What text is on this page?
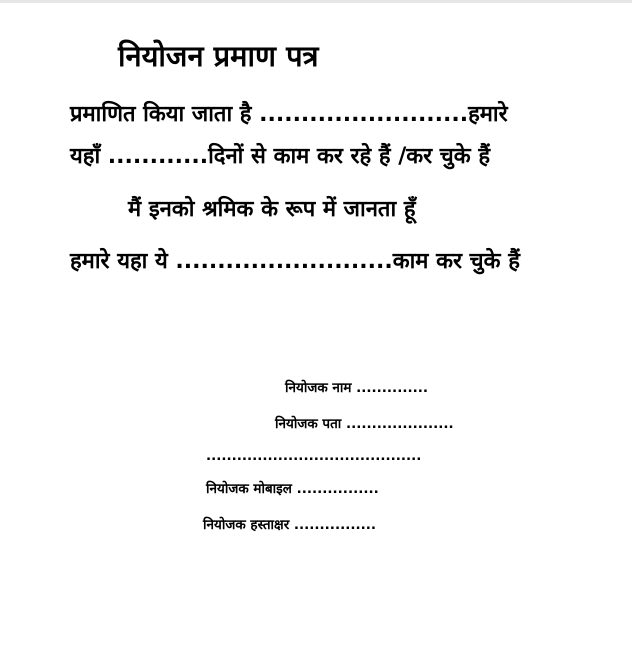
नियोजन प्रमाण पत्र
प्रमाणित किया जाता है .........................हमारे
यहाँ ............दिनों से काम कर रहे हैं /कर चुके हैं
मैं इनको श्रमिक के रूप में जानता हूँ
हमारे यहा ये ..........................काम कर चुके हैं
नियोजक नाम ..............
नियोजक पता .....................
..........................................
नियोजक मोबाइल ................
नियोजक हस्ताक्षर ................
